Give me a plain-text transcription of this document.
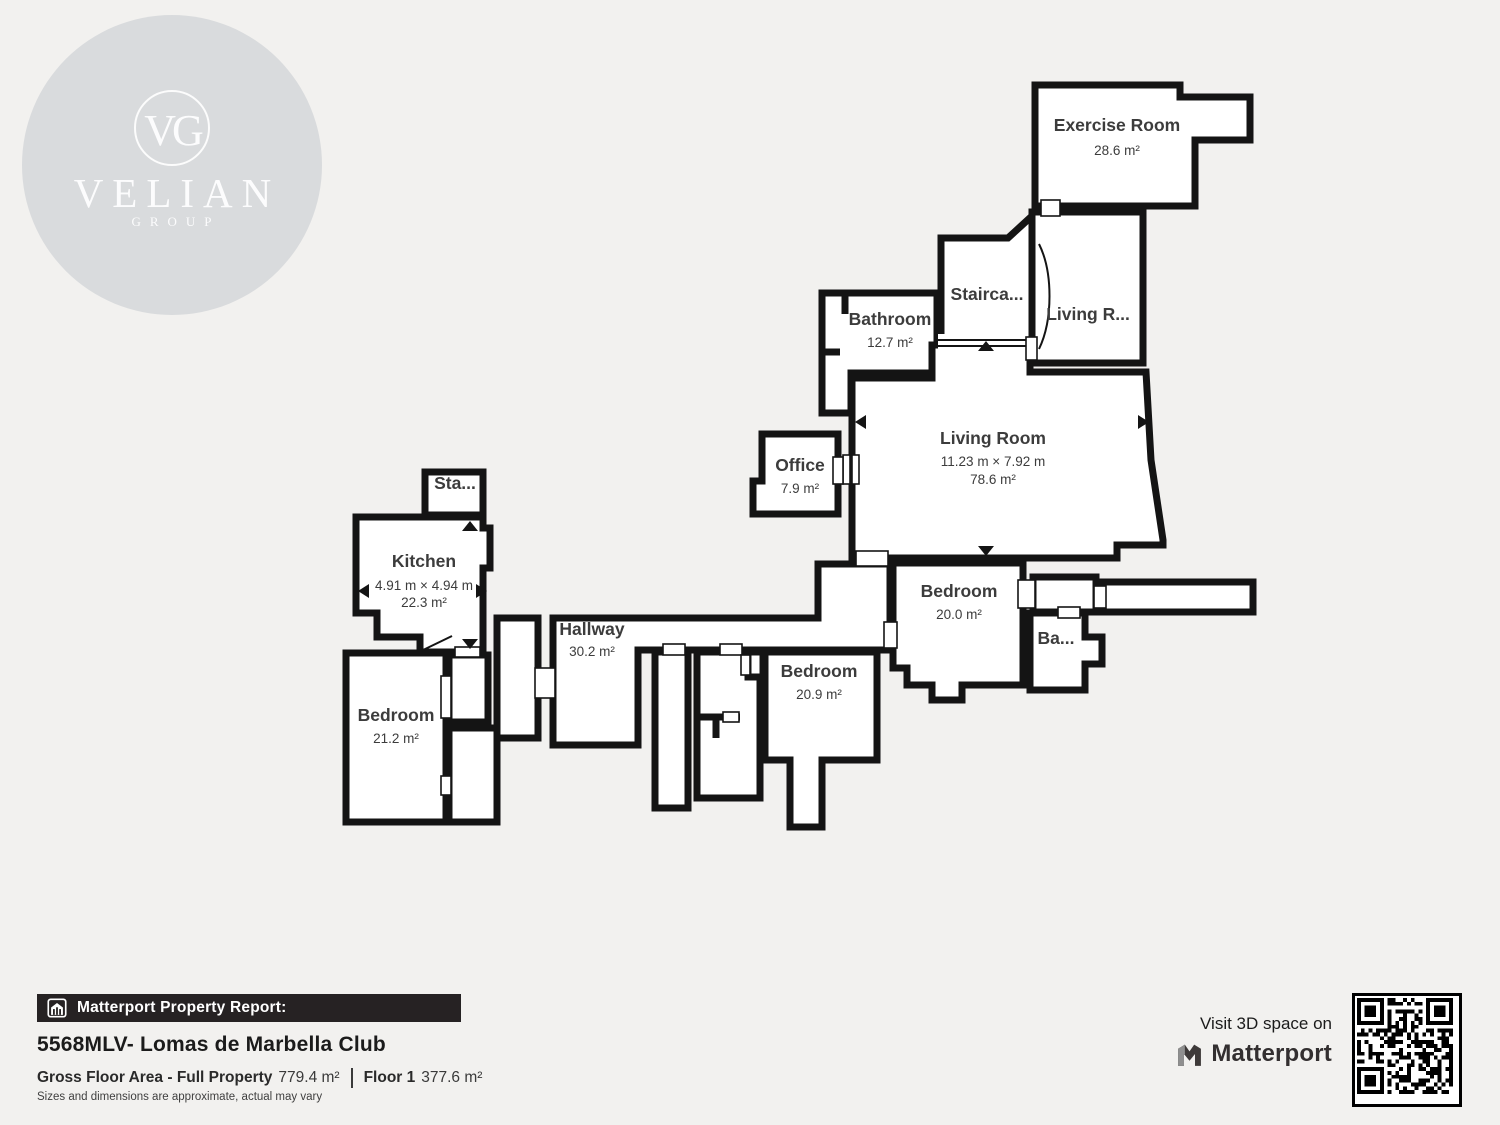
VG
VELIAN
GROUP
Exercise Room
28.6 m²
Stairca...
Living R...
Bathroom
12.7 m²
Living Room
11.23 m × 7.92 m
78.6 m²
Office
7.9 m²
Sta...
Kitchen
4.91 m × 4.94 m
22.3 m²
Hallway
30.2 m²
Bedroom
21.2 m²
Bedroom
20.9 m²
Bedroom
20.0 m²
Ba...
Matterport Property Report:
5568MLV- Lomas de Marbella Club
Gross Floor Area - Full Property 779.4 m² Floor 1 377.6 m²
Sizes and dimensions are approximate, actual may vary
Visit 3D space on
Matterport
